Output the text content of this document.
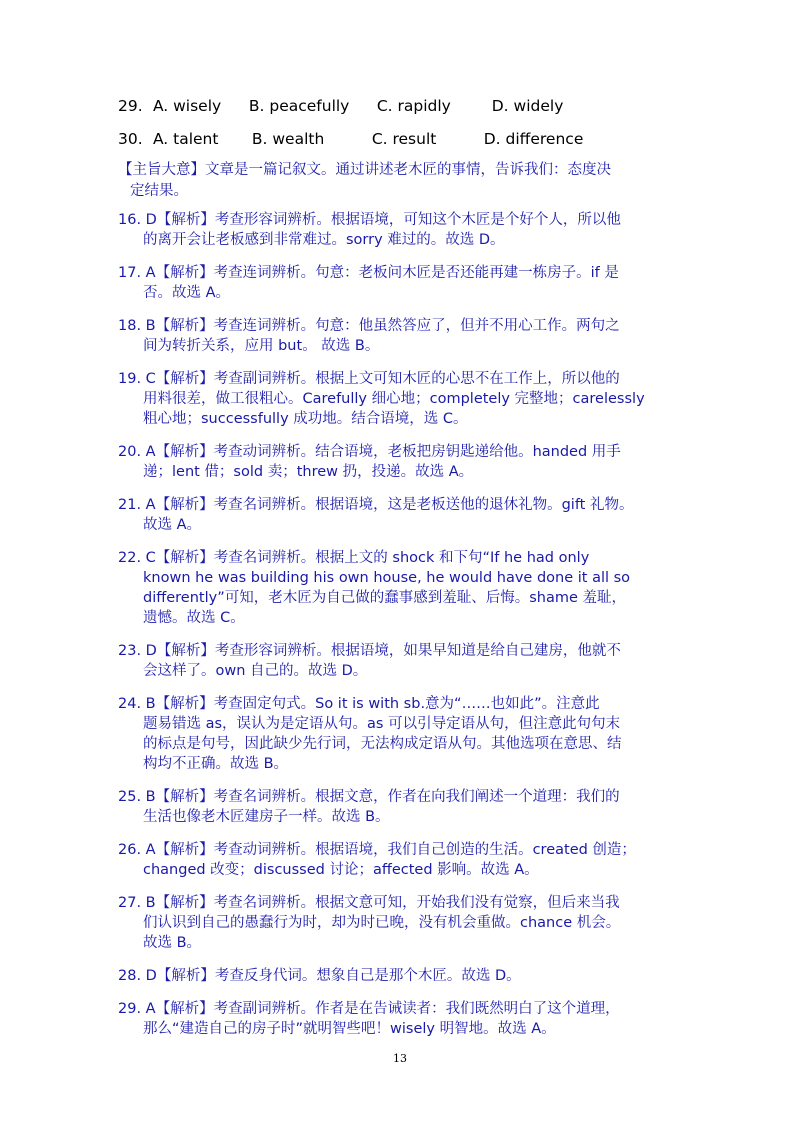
29. A. wisely B. peacefully C. rapidly	D. widely
30. A. talent B. wealth	C. result	D. difference
【主旨大意】文章是一篇记叙文。通过讲述老木匠的事情，告诉我们：态度决
定结果。
16. D【解析】考查形容词辨析。根据语境，可知这个木匠是个好个人，所以他
的离开会让老板感到非常难过。sorry 难过的。故选 D。
17. A【解析】考查连词辨析。句意：老板问木匠是否还能再建一栋房子。if 是
否。故选 A。
18. B【解析】考查连词辨析。句意：他虽然答应了，但并不用心工作。两句之
间为转折关系，应用 but。 故选 B。
19. C【解析】考查副词辨析。根据上文可知木匠的心思不在工作上，所以他的
用料很差，做工很粗心。Carefully 细心地；completely 完整地；carelessly
粗心地；successfully 成功地。结合语境，选 C。
20. A【解析】考查动词辨析。结合语境，老板把房钥匙递给他。handed 用手
递；lent 借；sold 卖；threw 扔，投递。故选 A。
21. A【解析】考查名词辨析。根据语境，这是老板送他的退休礼物。gift 礼物。
故选 A。
22. C【解析】考查名词辨析。根据上文的 shock 和下句“If he had only
known he was building his own house, he would have done it all so
differently”可知，老木匠为自己做的蠢事感到羞耻、后悔。shame 羞耻，
遗憾。故选 C。
23. D【解析】考查形容词辨析。根据语境，如果早知道是给自己建房，他就不
会这样了。own 自己的。故选 D。
24. B【解析】考查固定句式。So it is with sb.意为“……也如此”。注意此
题易错选 as，误认为是定语从句。as 可以引导定语从句，但注意此句句末
的标点是句号，因此缺少先行词，无法构成定语从句。其他选项在意思、结
构均不正确。故选 B。
25. B【解析】考查名词辨析。根据文意，作者在向我们阐述一个道理：我们的
生活也像老木匠建房子一样。故选 B。
26. A【解析】考查动词辨析。根据语境，我们自己创造的生活。created 创造；
changed 改变；discussed 讨论；affected 影响。故选 A。
27. B【解析】考查名词辨析。根据文意可知，开始我们没有觉察，但后来当我
们认识到自己的愚蠢行为时，却为时已晚，没有机会重做。chance 机会。
故选 B。
28. D【解析】考查反身代词。想象自己是那个木匠。故选 D。
29. A【解析】考查副词辨析。作者是在告诫读者：我们既然明白了这个道理，
那么“建造自己的房子时”就明智些吧！wisely 明智地。故选 A。
13
